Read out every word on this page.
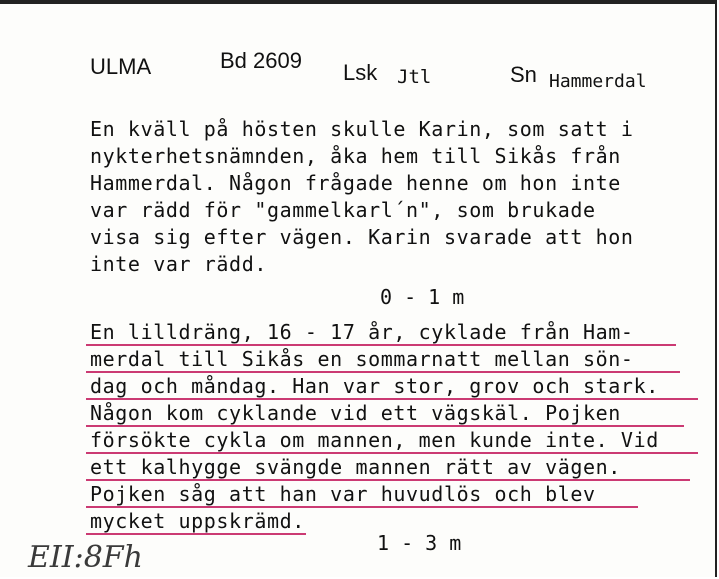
ULMA	Bd 2609 Lsk Jtl	Sn Hammerdal
En kväll på hösten skulle Karin, som satt i
nykterhetsnämnden, åka hem till Sikås från
Hammerdal. Någon frågade henne om hon inte
var rädd för "gammelkarl´n", som brukade
visa sig efter vägen. Karin svarade att hon
inte var rädd.
0 - 1 m
En lilldräng, 16 - 17 år, cyklade från Ham-
merdal till Sikås en sommarnatt mellan sön-
dag och måndag. Han var stor, grov och stark.
Någon kom cyklande vid ett vägskäl. Pojken
försökte cykla om mannen, men kunde inte. Vid
ett kalhygge svängde mannen rätt av vägen.
Pojken såg att han var huvudlös och blev
mycket uppskrämd.
1 - 3 m
EII:8Fh
